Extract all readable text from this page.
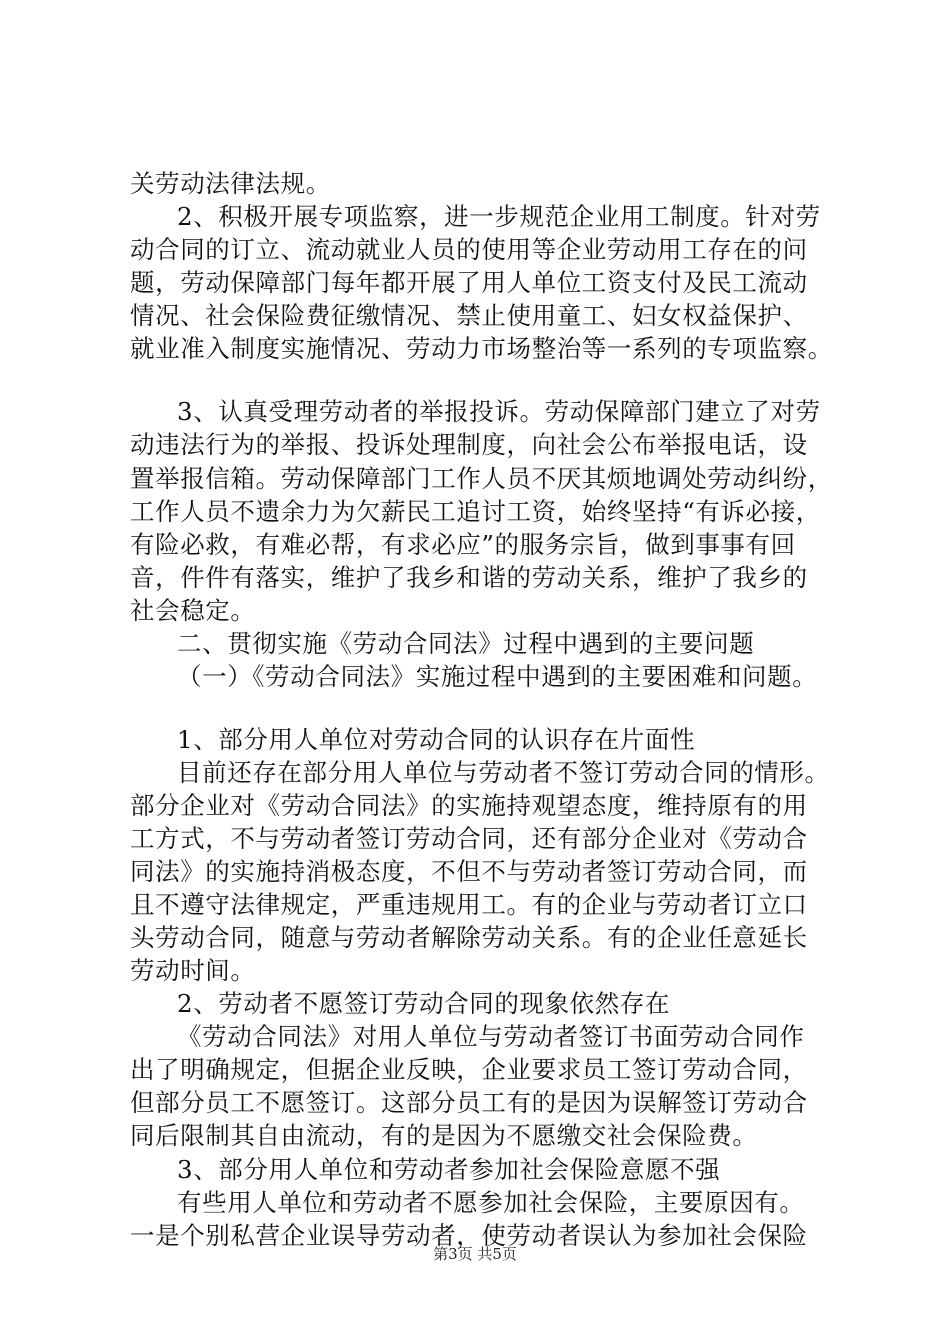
关劳动法律法规。
2、积极开展专项监察，进一步规范企业用工制度。针对劳
动合同的订立、流动就业人员的使用等企业劳动用工存在的问
题，劳动保障部门每年都开展了用人单位工资支付及民工流动
情况、社会保险费征缴情况、禁止使用童工、妇女权益保护、
就业准入制度实施情况、劳动力市场整治等一系列的专项监察。
3、认真受理劳动者的举报投诉。劳动保障部门建立了对劳
动违法行为的举报、投诉处理制度，向社会公布举报电话，设
置举报信箱。劳动保障部门工作人员不厌其烦地调处劳动纠纷，
工作人员不遗余力为欠薪民工追讨工资，始终坚持“有诉必接，
有险必救，有难必帮，有求必应”的服务宗旨，做到事事有回
音，件件有落实，维护了我乡和谐的劳动关系，维护了我乡的
社会稳定。
二、贯彻实施《劳动合同法》过程中遇到的主要问题
（一）《劳动合同法》实施过程中遇到的主要困难和问题。
1、部分用人单位对劳动合同的认识存在片面性
目前还存在部分用人单位与劳动者不签订劳动合同的情形。
部分企业对《劳动合同法》的实施持观望态度，维持原有的用
工方式，不与劳动者签订劳动合同，还有部分企业对《劳动合
同法》的实施持消极态度，不但不与劳动者签订劳动合同，而
且不遵守法律规定，严重违规用工。有的企业与劳动者订立口
头劳动合同，随意与劳动者解除劳动关系。有的企业任意延长
劳动时间。
2、劳动者不愿签订劳动合同的现象依然存在
《劳动合同法》对用人单位与劳动者签订书面劳动合同作
出了明确规定，但据企业反映，企业要求员工签订劳动合同，
但部分员工不愿签订。这部分员工有的是因为误解签订劳动合
同后限制其自由流动，有的是因为不愿缴交社会保险费。
3、部分用人单位和劳动者参加社会保险意愿不强
有些用人单位和劳动者不愿参加社会保险，主要原因有。
一是个别私营企业误导劳动者，使劳动者误认为参加社会保险
第3页 共5页
